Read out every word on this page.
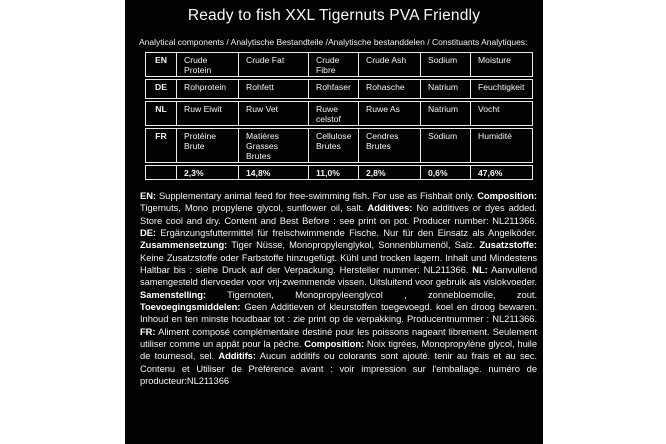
Ready to fish XXL Tigernuts PVA Friendly
Analytical components / Analytische Bestandteile /Analytische bestanddelen / Constituants Analytiques:
EN	Crude Protein	Crude Fat	Crude Fibre	Crude Ash	Sodium	Moisture
DE	Rohprotein	Rohfett	Rohfaser	Rohasche	Natrium	Feuchtigkeit
NL	Ruw Eiwit	Ruw Vet	Ruwe celstof	Ruwe As	Natrium	Vocht
FR	Protéine Brute	Matières Grasses Brutes	Cellulose Brutes	Cendres Brutes	Sodium	Humidité
	2,3%	14,8%	11,0%	2,8%	0,6%	47,6%
EN: Supplementary animal feed for free-swimming fish. For use as Fishbait only. Composition: Tigernuts, Mono propylene glycol, sunflower oil, salt. Additives: No additives or dyes added. Store cool and dry. Content and Best Before : see print on pot. Producer number: NL211366. DE: Ergänzungsfuttermittel für freischwimmende Fische. Nur für den Einsatz als Angelköder. Zusammensetzung: Tiger Nüsse, Monopropylenglykol, Sonnenblumenöl, Salz. Zusatzstoffe: Keine Zusatzstoffe oder Farbstoffe hinzugefügt. Kühl und trocken lagern. Inhalt und Mindestens Haltbar bis : siehe Druck auf der Verpackung. Hersteller nummer: NL211366. NL: Aanvullend samengesteld diervoeder voor vrij-zwemmende vissen. Uitsluitend voor gebruik als vislokvoeder. Samenstelling: Tigernoten, Monopropyleenglycol , zonnebloemolie, zout. Toevoegingsmiddelen: Geen Additieven of kleurstoffen toegevoegd. koel en droog bewaren. Inhoud en ten minste houdbaar tot : zie print op de verpakking. Producentnummer : NL211366. FR: Aliment composé complémentaire destiné pour les poissons nageant librement. Seulement utiliser comme un appât pour la pèche. Composition: Noix tigrées, Monopropylène glycol, huile de tournesol, sel. Additifs: Aucun additifs ou colorants sont ajouté. tenir au frais et au sec. Contenu et Utiliser de Préférence avant : voir impression sur l'emballage. numéro de producteur:NL211366
